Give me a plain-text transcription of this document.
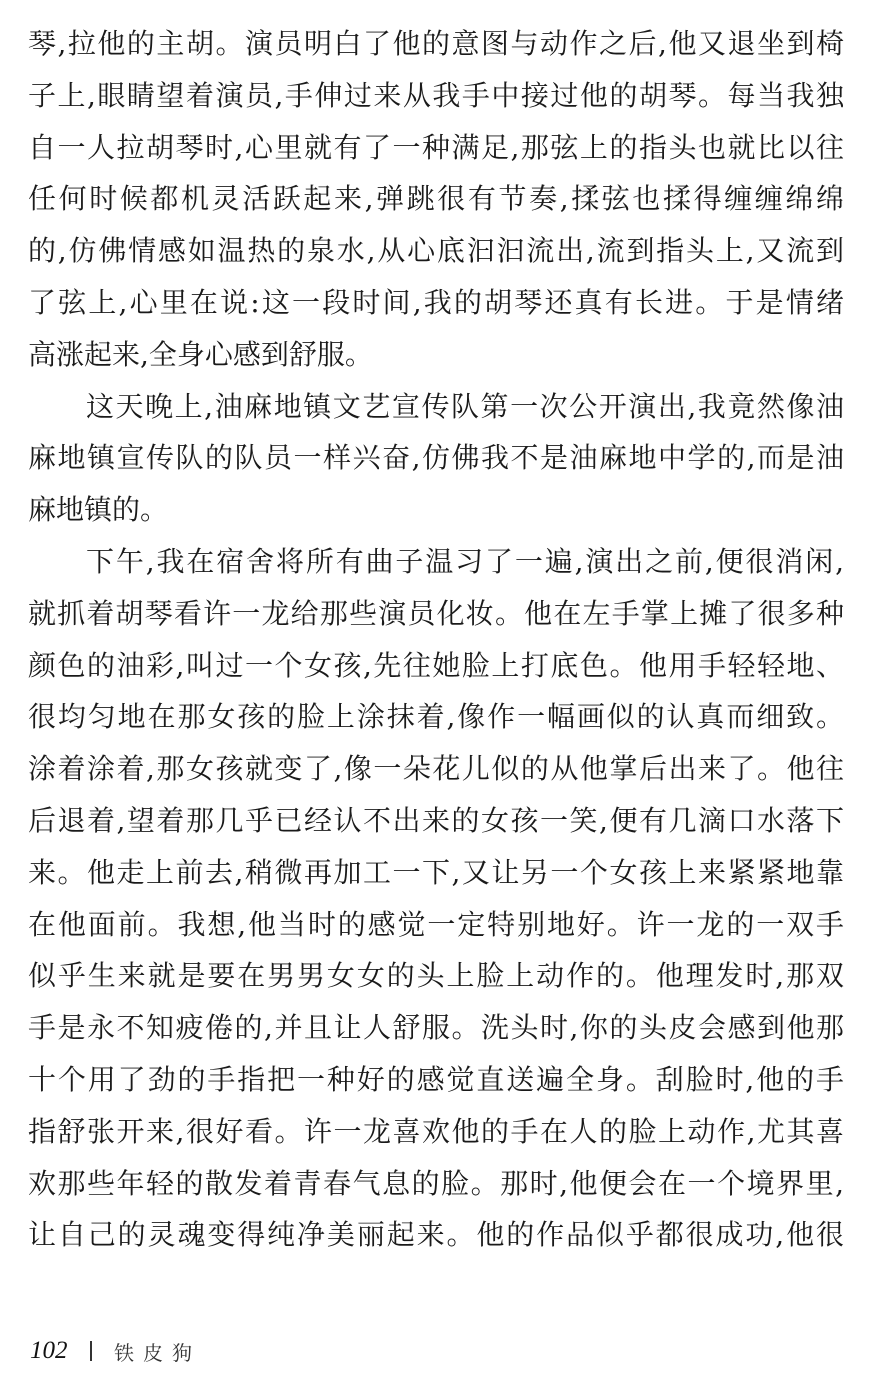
琴,拉他的主胡。演员明白了他的意图与动作之后,他又退坐到椅
子上,眼睛望着演员,手伸过来从我手中接过他的胡琴。每当我独
自一人拉胡琴时,心里就有了一种满足,那弦上的指头也就比以往
任何时候都机灵活跃起来,弹跳很有节奏,揉弦也揉得缠缠绵绵
的,仿佛情感如温热的泉水,从心底汩汩流出,流到指头上,又流到
了弦上,心里在说:这一段时间,我的胡琴还真有长进。于是情绪
高涨起来,全身心感到舒服。
这天晚上,油麻地镇文艺宣传队第一次公开演出,我竟然像油
麻地镇宣传队的队员一样兴奋,仿佛我不是油麻地中学的,而是油
麻地镇的。
下午,我在宿舍将所有曲子温习了一遍,演出之前,便很消闲,
就抓着胡琴看许一龙给那些演员化妆。他在左手掌上摊了很多种
颜色的油彩,叫过一个女孩,先往她脸上打底色。他用手轻轻地、
很均匀地在那女孩的脸上涂抹着,像作一幅画似的认真而细致。
涂着涂着,那女孩就变了,像一朵花儿似的从他掌后出来了。他往
后退着,望着那几乎已经认不出来的女孩一笑,便有几滴口水落下
来。他走上前去,稍微再加工一下,又让另一个女孩上来紧紧地靠
在他面前。我想,他当时的感觉一定特别地好。许一龙的一双手
似乎生来就是要在男男女女的头上脸上动作的。他理发时,那双
手是永不知疲倦的,并且让人舒服。洗头时,你的头皮会感到他那
十个用了劲的手指把一种好的感觉直送遍全身。刮脸时,他的手
指舒张开来,很好看。许一龙喜欢他的手在人的脸上动作,尤其喜
欢那些年轻的散发着青春气息的脸。那时,他便会在一个境界里,
让自己的灵魂变得纯净美丽起来。他的作品似乎都很成功,他很
102	铁皮狗
